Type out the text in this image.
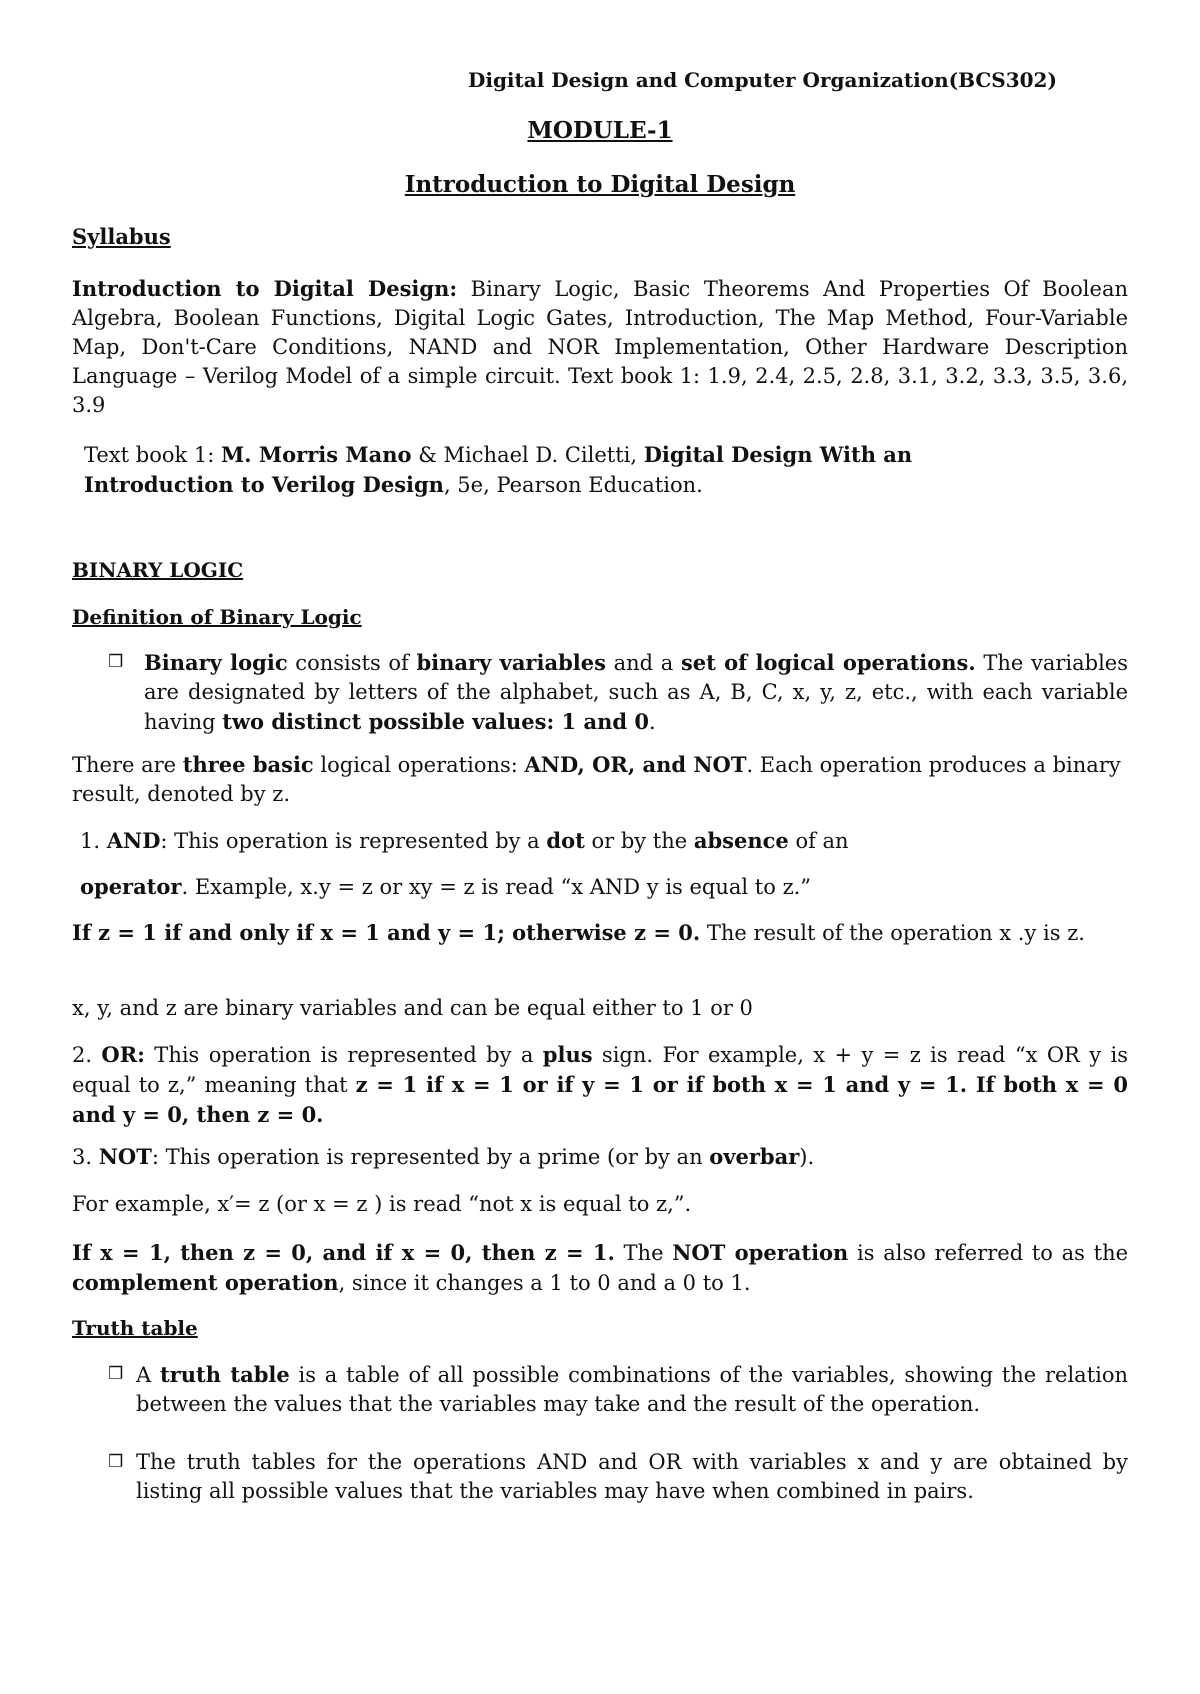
Digital Design and Computer Organization(BCS302)

MODULE-1

Introduction to Digital Design

Syllabus

Introduction to Digital Design: Binary Logic, Basic Theorems And Properties Of Boolean Algebra, Boolean Functions, Digital Logic Gates, Introduction, The Map Method, Four-Variable Map, Don't-Care Conditions, NAND and NOR Implementation, Other Hardware Description Language – Verilog Model of a simple circuit. Text book 1: 1.9, 2.4, 2.5, 2.8, 3.1, 3.2, 3.3, 3.5, 3.6, 3.9

Text book 1: M. Morris Mano & Michael D. Ciletti, Digital Design With an
Introduction to Verilog Design, 5e, Pearson Education.

BINARY LOGIC

Definition of Binary Logic

❒ Binary logic consists of binary variables and a set of logical operations. The variables are designated by letters of the alphabet, such as A, B, C, x, y, z, etc., with each variable having two distinct possible values: 1 and 0.

There are three basic logical operations: AND, OR, and NOT. Each operation produces a binary result, denoted by z.

1. AND: This operation is represented by a dot or by the absence of an

operator. Example, x.y = z or xy = z is read “x AND y is equal to z.”

If z = 1 if and only if x = 1 and y = 1; otherwise z = 0. The result of the operation x .y is z.

x, y, and z are binary variables and can be equal either to 1 or 0

2. OR: This operation is represented by a plus sign. For example, x + y = z is read “x OR y is equal to z,” meaning that z = 1 if x = 1 or if y = 1 or if both x = 1 and y = 1. If both x = 0 and y = 0, then z = 0.

3. NOT: This operation is represented by a prime (or by an overbar).

For example, x′= z (or x = z ) is read “not x is equal to z,”.

If x = 1, then z = 0, and if x = 0, then z = 1. The NOT operation is also referred to as the complement operation, since it changes a 1 to 0 and a 0 to 1.

Truth table

❒ A truth table is a table of all possible combinations of the variables, showing the relation between the values that the variables may take and the result of the operation.

❒ The truth tables for the operations AND and OR with variables x and y are obtained by listing all possible values that the variables may have when combined in pairs.
